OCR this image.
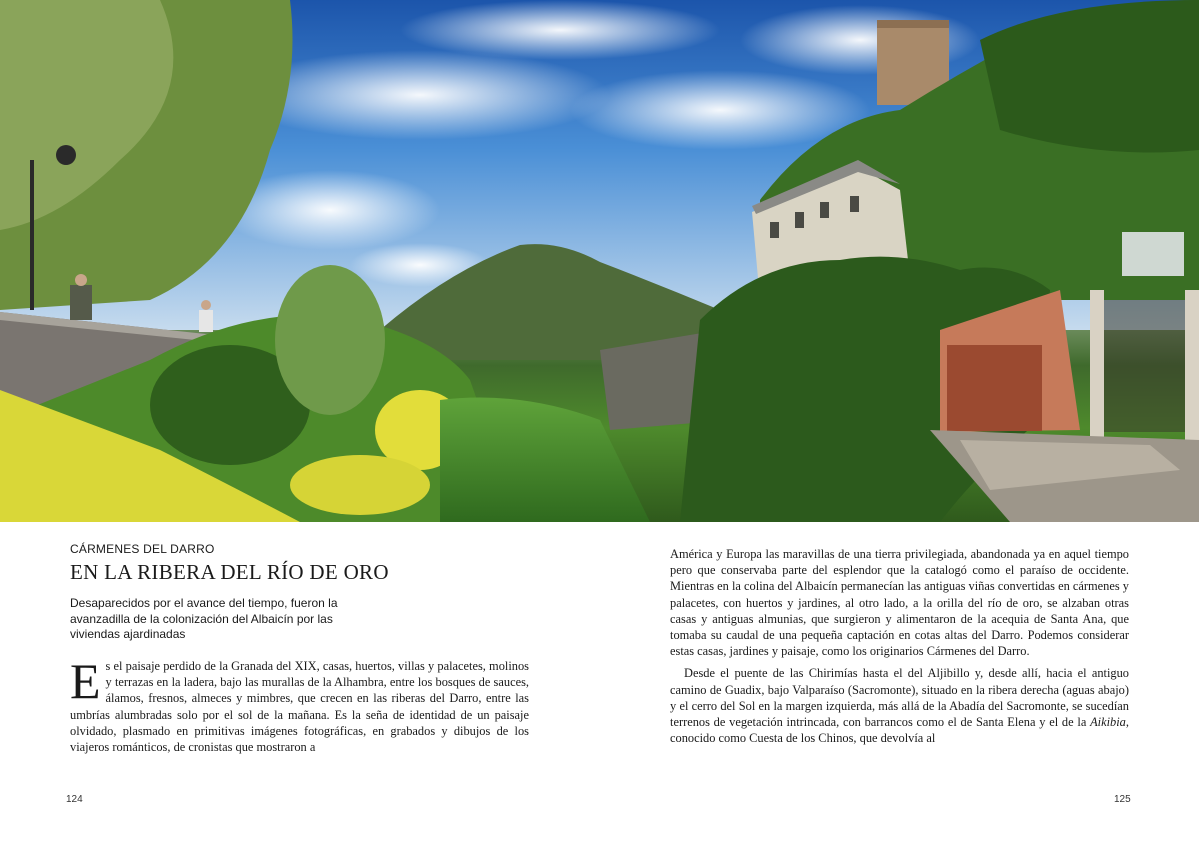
CÁRMENES DEL DARRO

EN LA RIBERA DEL RÍO DE ORO

Desaparecidos por el avance del tiempo, fueron la avanzadilla de la colonización del Albaicín por las viviendas ajardinadas

Es el paisaje perdido de la Granada del XIX, casas, huertos, villas y palacetes, molinos y terrazas en la ladera, bajo las murallas de la Alhambra, entre los bosques de sauces, álamos, fresnos, almeces y mimbres, que crecen en las riberas del Darro, entre las umbrías alumbradas solo por el sol de la mañana. Es la seña de identidad de un paisaje olvidado, plasmado en primitivas imágenes fotográficas, en grabados y dibujos de los viajeros románticos, de cronistas que mostraron a

124

América y Europa las maravillas de una tierra privilegiada, abandonada ya en aquel tiempo pero que conservaba parte del esplendor que la catalogó como el paraíso de occidente. Mientras en la colina del Albaicín permanecían las antiguas viñas convertidas en cármenes y palacetes, con huertos y jardines, al otro lado, a la orilla del río de oro, se alzaban otras casas y antiguas almunias, que surgieron y alimentaron de la acequia de Santa Ana, que tomaba su caudal de una pequeña captación en cotas altas del Darro. Podemos considerar estas casas, jardines y paisaje, como los originarios Cármenes del Darro.

Desde el puente de las Chirimías hasta el del Aljibillo y, desde allí, hacia el antiguo camino de Guadix, bajo Valparaíso (Sacromonte), situado en la ribera derecha (aguas abajo) y el cerro del Sol en la margen izquierda, más allá de la Abadía del Sacromonte, se sucedían terrenos de vegetación intrincada, con barrancos como el de Santa Elena y el de la Aikibia, conocido como Cuesta de los Chinos, que devolvía al

125
